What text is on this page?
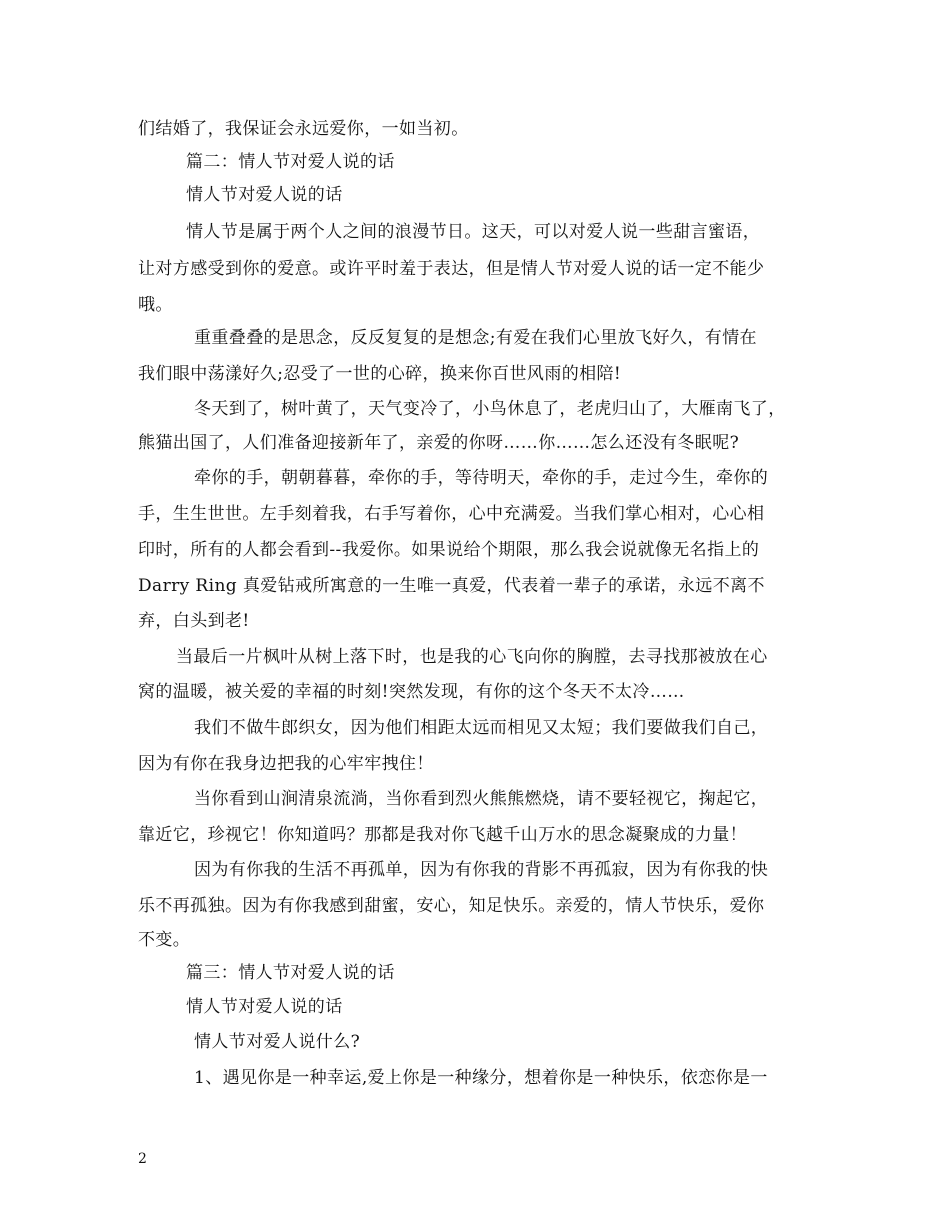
们结婚了，我保证会永远爱你，一如当初。
篇二：情人节对爱人说的话
情人节对爱人说的话
情人节是属于两个人之间的浪漫节日。这天，可以对爱人说一些甜言蜜语，
让对方感受到你的爱意。或许平时羞于表达，但是情人节对爱人说的话一定不能少
哦。
重重叠叠的是思念，反反复复的是想念;有爱在我们心里放飞好久，有情在
我们眼中荡漾好久;忍受了一世的心碎，换来你百世风雨的相陪!
冬天到了，树叶黄了，天气变冷了，小鸟休息了，老虎归山了，大雁南飞了，
熊猫出国了，人们准备迎接新年了，亲爱的你呀……你……怎么还没有冬眠呢?
牵你的手，朝朝暮暮，牵你的手，等待明天，牵你的手，走过今生，牵你的
手，生生世世。左手刻着我，右手写着你，心中充满爱。当我们掌心相对，心心相
印时，所有的人都会看到--我爱你。如果说给个期限，那么我会说就像无名指上的
Darry Ring 真爱钻戒所寓意的一生唯一真爱，代表着一辈子的承诺，永远不离不
弃，白头到老!
当最后一片枫叶从树上落下时，也是我的心飞向你的胸膛，去寻找那被放在心
窝的温暖，被关爱的幸福的时刻!突然发现，有你的这个冬天不太冷……
我们不做牛郎织女，因为他们相距太远而相见又太短；我们要做我们自己，
因为有你在我身边把我的心牢牢拽住！
当你看到山涧清泉流淌，当你看到烈火熊熊燃烧，请不要轻视它，掬起它，
靠近它，珍视它！你知道吗？那都是我对你飞越千山万水的思念凝聚成的力量！
因为有你我的生活不再孤单，因为有你我的背影不再孤寂，因为有你我的快
乐不再孤独。因为有你我感到甜蜜，安心，知足快乐。亲爱的，情人节快乐，爱你
不变。
篇三：情人节对爱人说的话
情人节对爱人说的话
情人节对爱人说什么?
1、遇见你是一种幸运,爱上你是一种缘分，想着你是一种快乐，依恋你是一
2
